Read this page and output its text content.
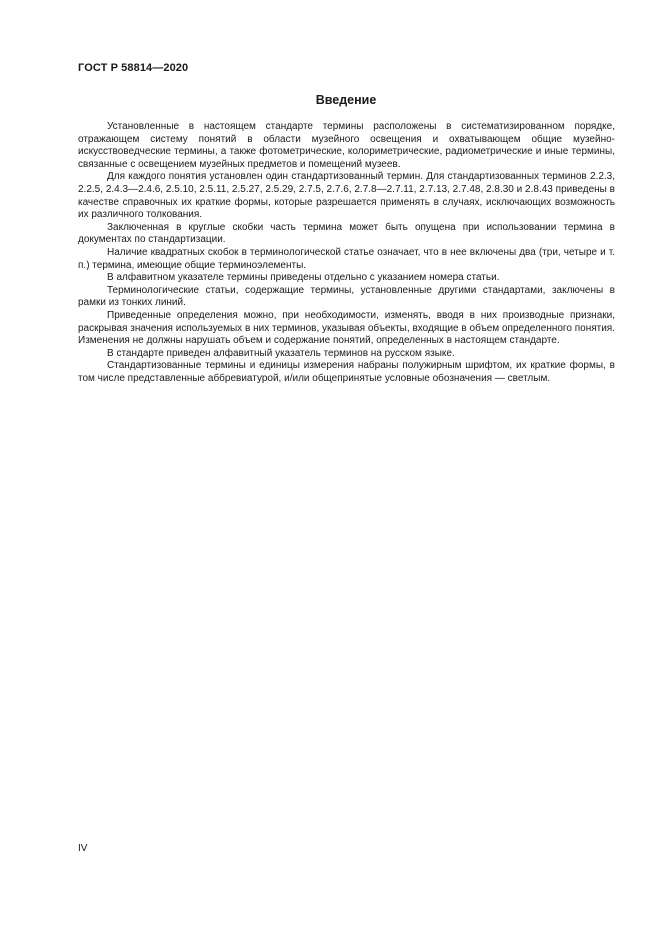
ГОСТ Р 58814—2020
Введение

Установленные в настоящем стандарте термины расположены в систематизированном порядке, отражающем систему понятий в области музейного освещения и охватывающем общие музейно-искусствоведческие термины, а также фотометрические, колориметрические, радиометрические и иные термины, связанные с освещением музейных предметов и помещений музеев.

Для каждого понятия установлен один стандартизованный термин. Для стандартизованных терминов 2.2.3, 2.2.5, 2.4.3—2.4.6, 2.5.10, 2.5.11, 2.5.27, 2.5.29, 2.7.5, 2.7.6, 2.7.8—2.7.11, 2.7.13, 2.7.48, 2.8.30 и 2.8.43 приведены в качестве справочных их краткие формы, которые разрешается применять в случаях, исключающих возможность их различного толкования.

Заключенная в круглые скобки часть термина может быть опущена при использовании термина в документах по стандартизации.

Наличие квадратных скобок в терминологической статье означает, что в нее включены два (три, четыре и т. п.) термина, имеющие общие терминоэлементы.

В алфавитном указателе термины приведены отдельно с указанием номера статьи.

Терминологические статьи, содержащие термины, установленные другими стандартами, заключены в рамки из тонких линий.

Приведенные определения можно, при необходимости, изменять, вводя в них производные признаки, раскрывая значения используемых в них терминов, указывая объекты, входящие в объем определенного понятия. Изменения не должны нарушать объем и содержание понятий, определенных в настоящем стандарте.

В стандарте приведен алфавитный указатель терминов на русском языке.

Стандартизованные термины и единицы измерения набраны полужирным шрифтом, их краткие формы, в том числе представленные аббревиатурой, и/или общепринятые условные обозначения — светлым.

IV
